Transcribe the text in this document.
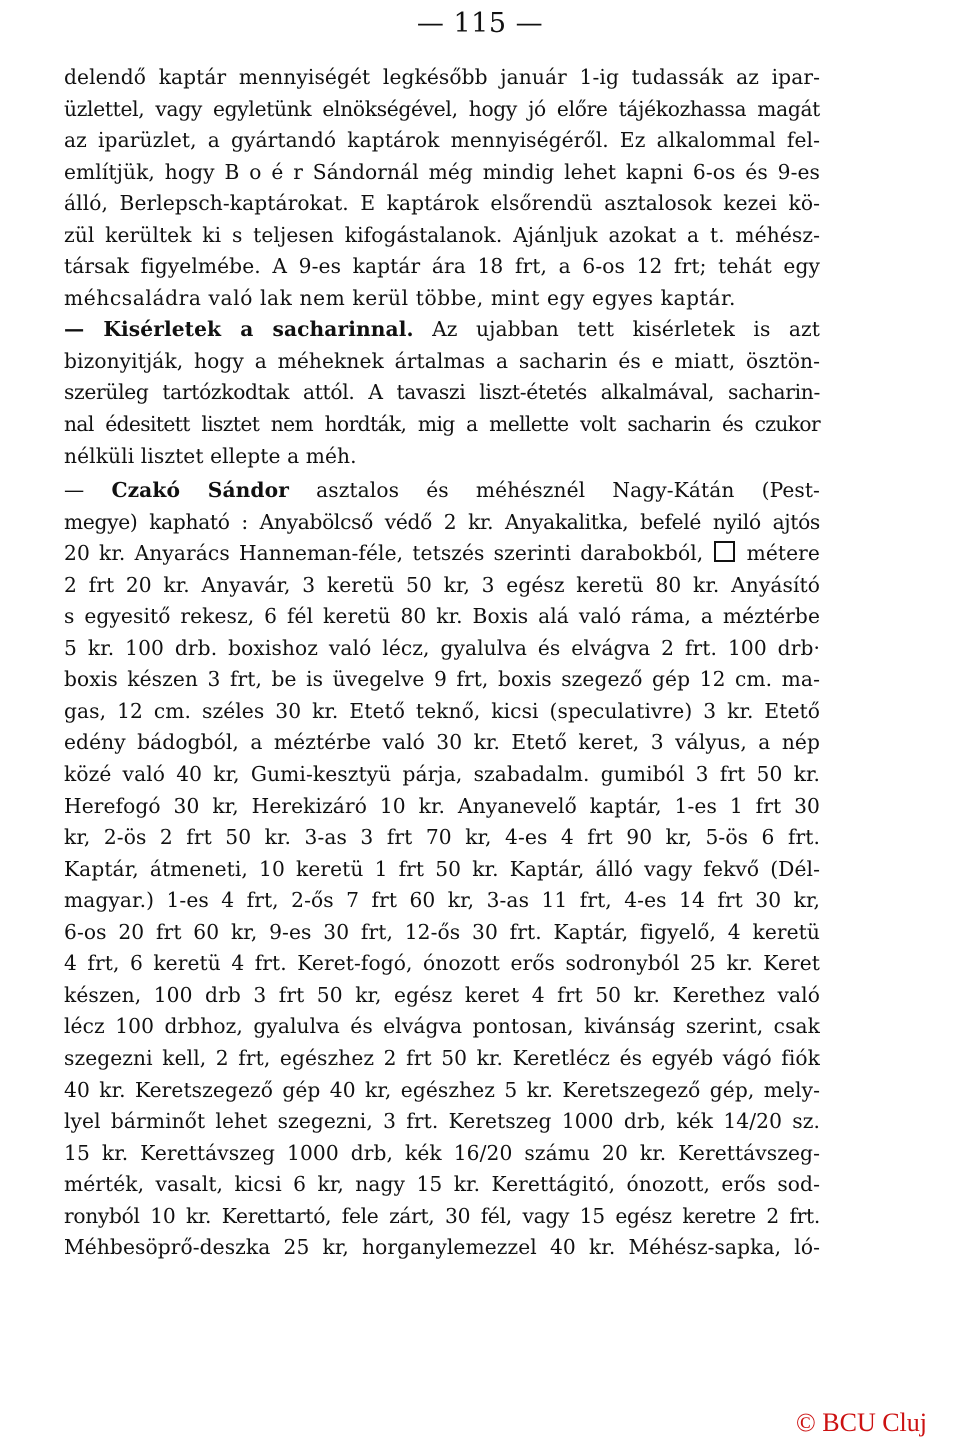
— 115 —
delendő kaptár mennyiségét legkésőbb január 1-ig tudassák az ipar-
üzlettel, vagy egyletünk elnökségével, hogy jó előre tájékozhassa magát
az iparüzlet, a gyártandó kaptárok mennyiségéről. Ez alkalommal fel-
említjük, hogy B o é r Sándornál még mindig lehet kapni 6-os és 9-es
álló, Berlepsch-kaptárokat. E kaptárok elsőrendü asztalosok kezei kö-
zül kerültek ki s teljesen kifogástalanok. Ajánljuk azokat a t. méhész-
társak figyelmébe. A 9-es kaptár ára 18 frt, a 6-os 12 frt; tehát egy
méhcsaládra való lak nem kerül többe, mint egy egyes kaptár.
— Kisérletek a sacharinnal. Az ujabban tett kisérletek is azt
bizonyitják, hogy a méheknek ártalmas a sacharin és e miatt, ösztön-
szerüleg tartózkodtak attól. A tavaszi liszt-étetés alkalmával, sacharin-
nal édesitett lisztet nem hordták, mig a mellette volt sacharin és czukor
nélküli lisztet ellepte a méh.
— Czakó Sándor asztalos és méhésznél Nagy-Kátán (Pest-
megye) kapható : Anyabölcső védő 2 kr. Anyakalitka, befelé nyiló ajtós
20 kr. Anyarács Hanneman-féle, tetszés szerinti darabokból, métere
2 frt 20 kr. Anyavár, 3 keretü 50 kr, 3 egész keretü 80 kr. Anyásító
s egyesitő rekesz, 6 fél keretü 80 kr. Boxis alá való ráma, a méztérbe
5 kr. 100 drb. boxishoz való lécz, gyalulva és elvágva 2 frt. 100 drb·
boxis készen 3 frt, be is üvegelve 9 frt, boxis szegező gép 12 cm. ma-
gas, 12 cm. széles 30 kr. Etető teknő, kicsi (speculativre) 3 kr. Etető
edény bádogból, a méztérbe való 30 kr. Etető keret, 3 vályus, a nép
közé való 40 kr, Gumi-kesztyü párja, szabadalm. gumiból 3 frt 50 kr.
Herefogó 30 kr, Herekizáró 10 kr. Anyanevelő kaptár, 1-es 1 frt 30
kr, 2-ös 2 frt 50 kr. 3-as 3 frt 70 kr, 4-es 4 frt 90 kr, 5-ös 6 frt.
Kaptár, átmeneti, 10 keretü 1 frt 50 kr. Kaptár, álló vagy fekvő (Dél-
magyar.) 1-es 4 frt, 2-ős 7 frt 60 kr, 3-as 11 frt, 4-es 14 frt 30 kr,
6-os 20 frt 60 kr, 9-es 30 frt, 12-ős 30 frt. Kaptár, figyelő, 4 keretü
4 frt, 6 keretü 4 frt. Keret-fogó, ónozott erős sodronyból 25 kr. Keret
készen, 100 drb 3 frt 50 kr, egész keret 4 frt 50 kr. Kerethez való
lécz 100 drbhoz, gyalulva és elvágva pontosan, kivánság szerint, csak
szegezni kell, 2 frt, egészhez 2 frt 50 kr. Keretlécz és egyéb vágó fiók
40 kr. Keretszegező gép 40 kr, egészhez 5 kr. Keretszegező gép, mely-
lyel bárminőt lehet szegezni, 3 frt. Keretszeg 1000 drb, kék 14/20 sz.
15 kr. Kerettávszeg 1000 drb, kék 16/20 számu 20 kr. Kerettávszeg-
mérték, vasalt, kicsi 6 kr, nagy 15 kr. Kerettágitó, ónozott, erős sod-
ronyból 10 kr. Kerettartó, fele zárt, 30 fél, vagy 15 egész keretre 2 frt.
Méhbesöprő-deszka 25 kr, horganylemezzel 40 kr. Méhész-sapka, ló-
© BCU Cluj
